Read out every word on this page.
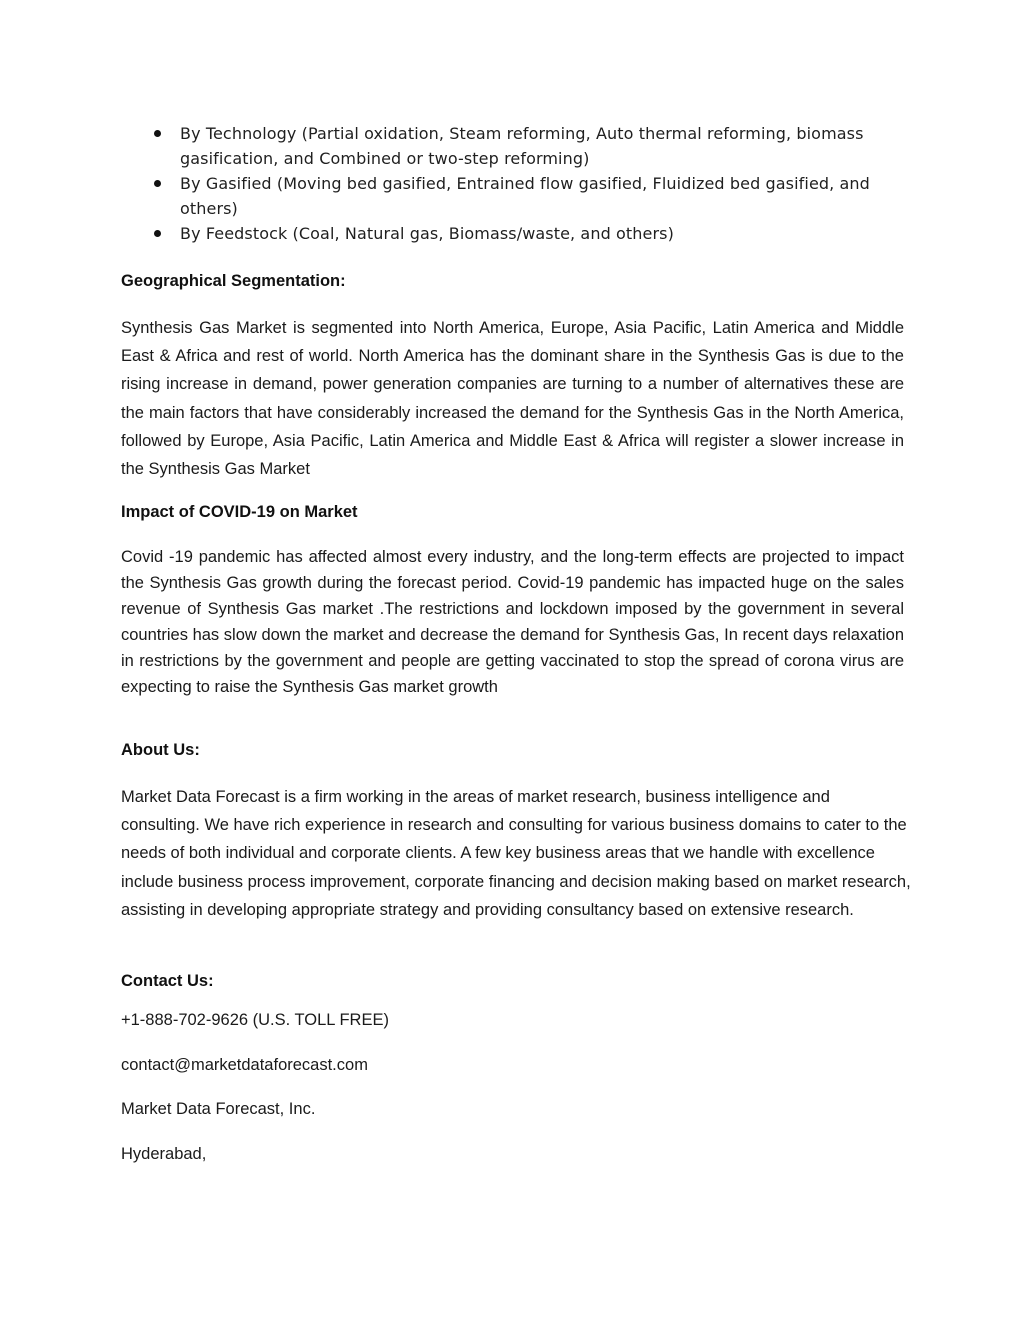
By Technology (Partial oxidation, Steam reforming, Auto thermal reforming, biomass gasification, and Combined or two-step reforming)
By Gasified (Moving bed gasified, Entrained flow gasified, Fluidized bed gasified, and others)
By Feedstock (Coal, Natural gas, Biomass/waste, and others)

Geographical Segmentation:

Synthesis Gas Market is segmented into North America, Europe, Asia Pacific, Latin America and Middle East & Africa and rest of world. North America has the dominant share in the Synthesis Gas is due to the rising increase in demand, power generation companies are turning to a number of alternatives these are the main factors that have considerably increased the demand for the Synthesis Gas in the North America, followed by Europe, Asia Pacific, Latin America and Middle East & Africa will register a slower increase in the Synthesis Gas Market

Impact of COVID-19 on Market

Covid -19 pandemic has affected almost every industry, and the long-term effects are projected to impact the Synthesis Gas growth during the forecast period. Covid-19 pandemic has impacted huge on the sales revenue of Synthesis Gas market .The restrictions and lockdown imposed by the government in several countries has slow down the market and decrease the demand for Synthesis Gas, In recent days relaxation in restrictions by the government and people are getting vaccinated to stop the spread of corona virus are expecting to raise the Synthesis Gas market growth

About Us:

Market Data Forecast is a firm working in the areas of market research, business intelligence and consulting. We have rich experience in research and consulting for various business domains to cater to the needs of both individual and corporate clients. A few key business areas that we handle with excellence include business process improvement, corporate financing and decision making based on market research, assisting in developing appropriate strategy and providing consultancy based on extensive research.

Contact Us:

+1-888-702-9626 (U.S. TOLL FREE)

contact@marketdataforecast.com

Market Data Forecast, Inc.

Hyderabad,
